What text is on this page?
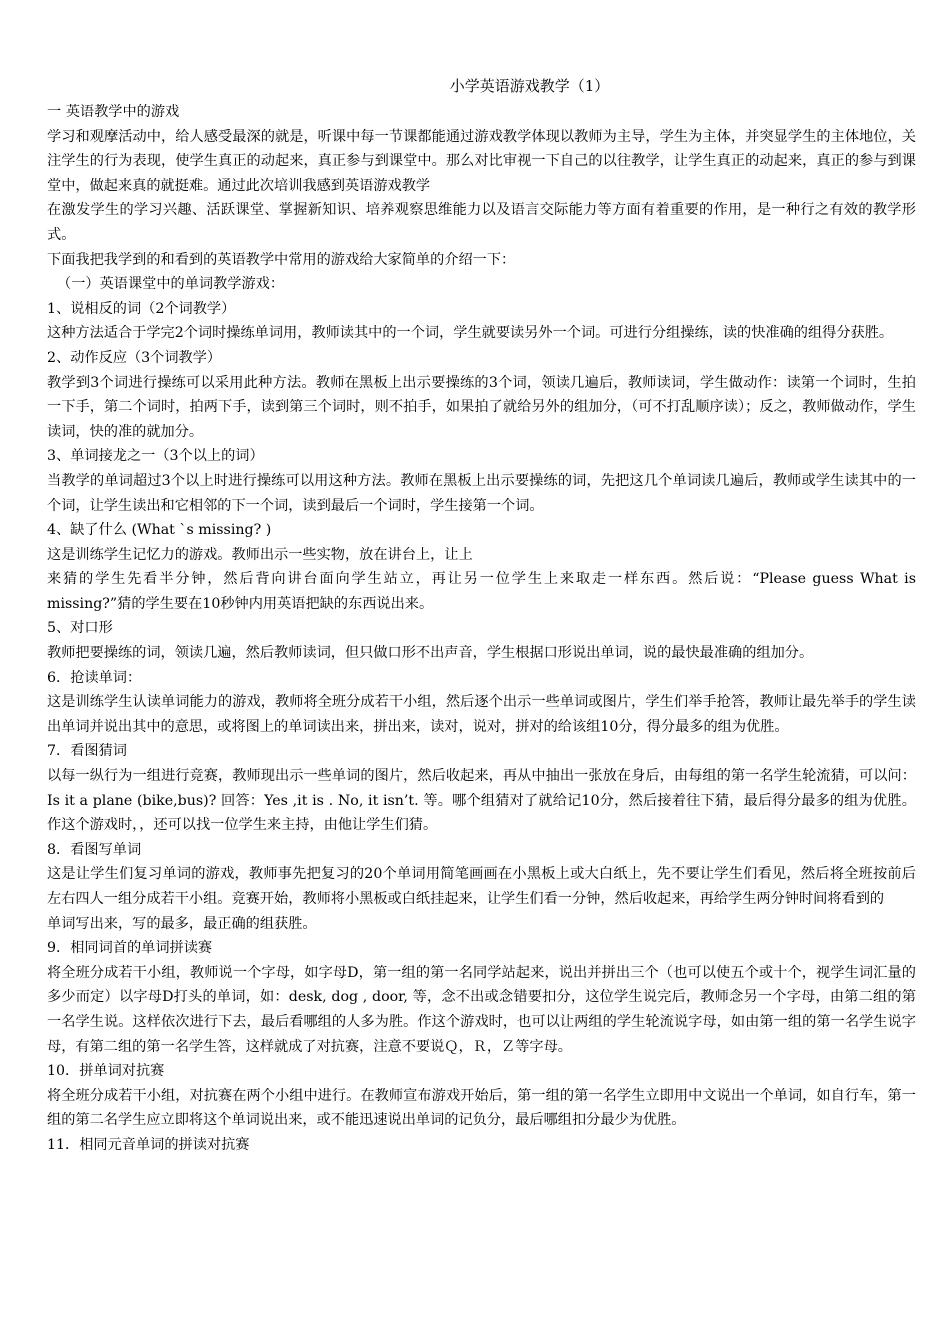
小学英语游戏教学（1）

一 英语教学中的游戏

学习和观摩活动中，给人感受最深的就是，听课中每一节课都能通过游戏教学体现以教师为主导，学生为主体，并突显学生的主体地位，关注学生的行为表现，使学生真正的动起来，真正参与到课堂中。那么对比审视一下自己的以往教学，让学生真正的动起来，真正的参与到课堂中，做起来真的就挺难。通过此次培训我感到英语游戏教学

在激发学生的学习兴趣、活跃课堂、掌握新知识、培养观察思维能力以及语言交际能力等方面有着重要的作用，是一种行之有效的教学形式。

下面我把我学到的和看到的英语教学中常用的游戏给大家简单的介绍一下：

（一）英语课堂中的单词教学游戏：

1、说相反的词（2个词教学）

这种方法适合于学完2个词时操练单词用，教师读其中的一个词，学生就要读另外一个词。可进行分组操练，读的快准确的组得分获胜。

2、动作反应（3个词教学）

教学到3个词进行操练可以采用此种方法。教师在黑板上出示要操练的3个词，领读几遍后，教师读词，学生做动作：读第一个词时，生拍一下手，第二个词时，拍两下手，读到第三个词时，则不拍手，如果拍了就给另外的组加分，（可不打乱顺序读）；反之，教师做动作，学生读词，快的准的就加分。

3、单词接龙之一（3个以上的词）

当教学的单词超过3个以上时进行操练可以用这种方法。教师在黑板上出示要操练的词，先把这几个单词读几遍后，教师或学生读其中的一个词，让学生读出和它相邻的下一个词，读到最后一个词时，学生接第一个词。

4、缺了什么 (What `s missing? )

这是训练学生记忆力的游戏。教师出示一些实物，放在讲台上，让上

来猜的学生先看半分钟，然后背向讲台面向学生站立，再让另一位学生上来取走一样东西。然后说：“Please guess What is missing?”猜的学生要在10秒钟内用英语把缺的东西说出来。

5、对口形

教师把要操练的词，领读几遍，然后教师读词，但只做口形不出声音，学生根据口形说出单词，说的最快最准确的组加分。

6．抢读单词：

这是训练学生认读单词能力的游戏，教师将全班分成若干小组，然后逐个出示一些单词或图片，学生们举手抢答，教师让最先举手的学生读出单词并说出其中的意思，或将图上的单词读出来，拼出来，读对，说对，拼对的给该组10分，得分最多的组为优胜。

7．看图猜词

以每一纵行为一组进行竞赛，教师现出示一些单词的图片，然后收起来，再从中抽出一张放在身后，由每组的第一名学生轮流猜，可以问：Is it a plane (bike,bus)? 回答：Yes ,it is . No, it isn’t. 等。哪个组猜对了就给记10分，然后接着往下猜，最后得分最多的组为优胜。作这个游戏时，，还可以找一位学生来主持，由他让学生们猜。

8．看图写单词

这是让学生们复习单词的游戏，教师事先把复习的20个单词用简笔画画在小黑板上或大白纸上，先不要让学生们看见，然后将全班按前后左右四人一组分成若干小组。竞赛开始，教师将小黑板或白纸挂起来，让学生们看一分钟，然后收起来，再给学生两分钟时间将看到的

单词写出来，写的最多，最正确的组获胜。

9．相同词首的单词拼读赛

将全班分成若干小组，教师说一个字母，如字母D，第一组的第一名同学站起来，说出并拼出三个（也可以使五个或十个，视学生词汇量的多少而定）以字母D打头的单词，如：desk, dog , door, 等，念不出或念错要扣分，这位学生说完后，教师念另一个字母，由第二组的第一名学生说。这样依次进行下去，最后看哪组的人多为胜。作这个游戏时，也可以让两组的学生轮流说字母，如由第一组的第一名学生说字母，有第二组的第一名学生答，这样就成了对抗赛，注意不要说Ｑ，Ｒ，Ｚ等字母。

10．拼单词对抗赛

将全班分成若干小组，对抗赛在两个小组中进行。在教师宣布游戏开始后，第一组的第一名学生立即用中文说出一个单词，如自行车，第一组的第二名学生应立即将这个单词说出来，或不能迅速说出单词的记负分，最后哪组扣分最少为优胜。

11．相同元音单词的拼读对抗赛
